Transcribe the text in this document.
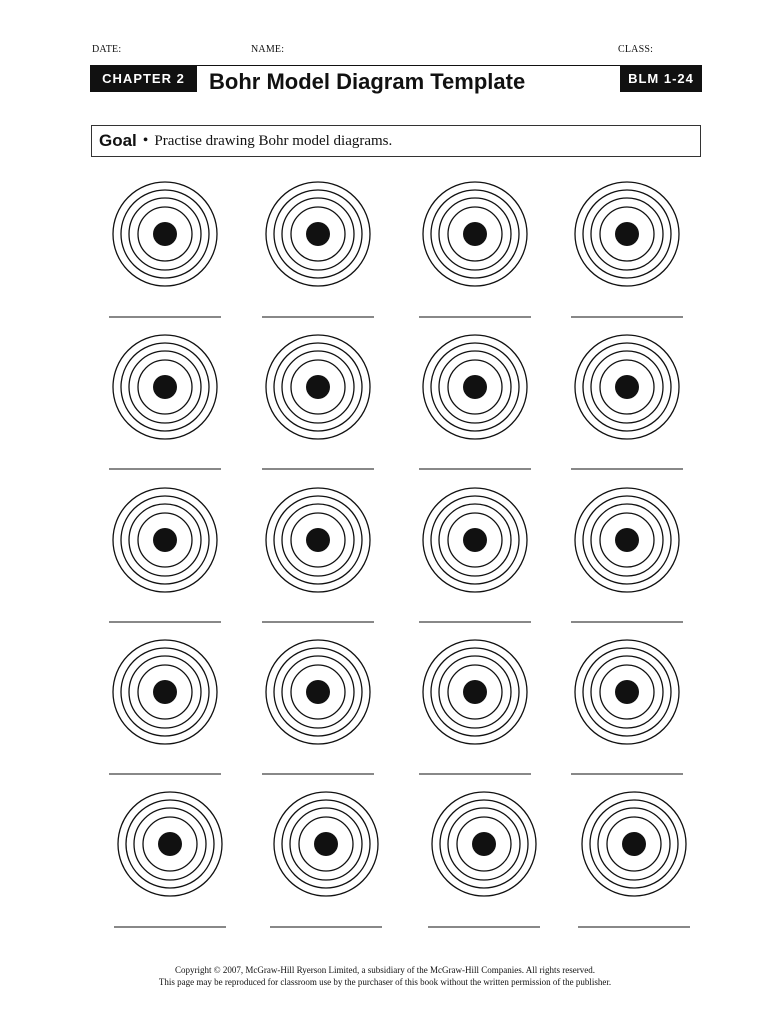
DATE:	NAME:	CLASS:
CHAPTER 2	Bohr Model Diagram Template	BLM 1-24
Goal • Practise drawing Bohr model diagrams.
Copyright © 2007, McGraw-Hill Ryerson Limited, a subsidiary of the McGraw-Hill Companies. All rights reserved.
This page may be reproduced for classroom use by the purchaser of this book without the written permission of the publisher.
